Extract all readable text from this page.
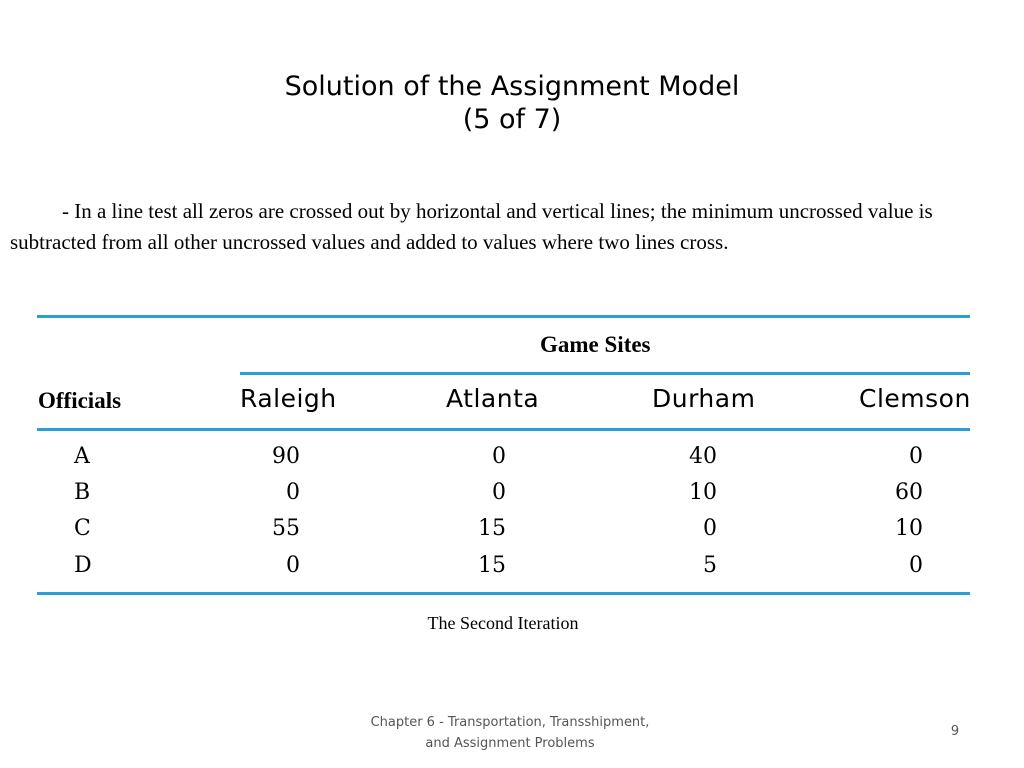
Solution of the Assignment Model
(5 of 7)
- In a line test all zeros are crossed out by horizontal and vertical lines; the minimum uncrossed value is subtracted from all other uncrossed values and added to values where two lines cross.
Game Sites
Officials	Raleigh	Atlanta	Durham	Clemson
A	90	0	40	0
B	0	0	10	60
C	55	15	0	10
D	0	15	5	0
The Second Iteration
Chapter 6 - Transportation, Transshipment,
and Assignment Problems
9
